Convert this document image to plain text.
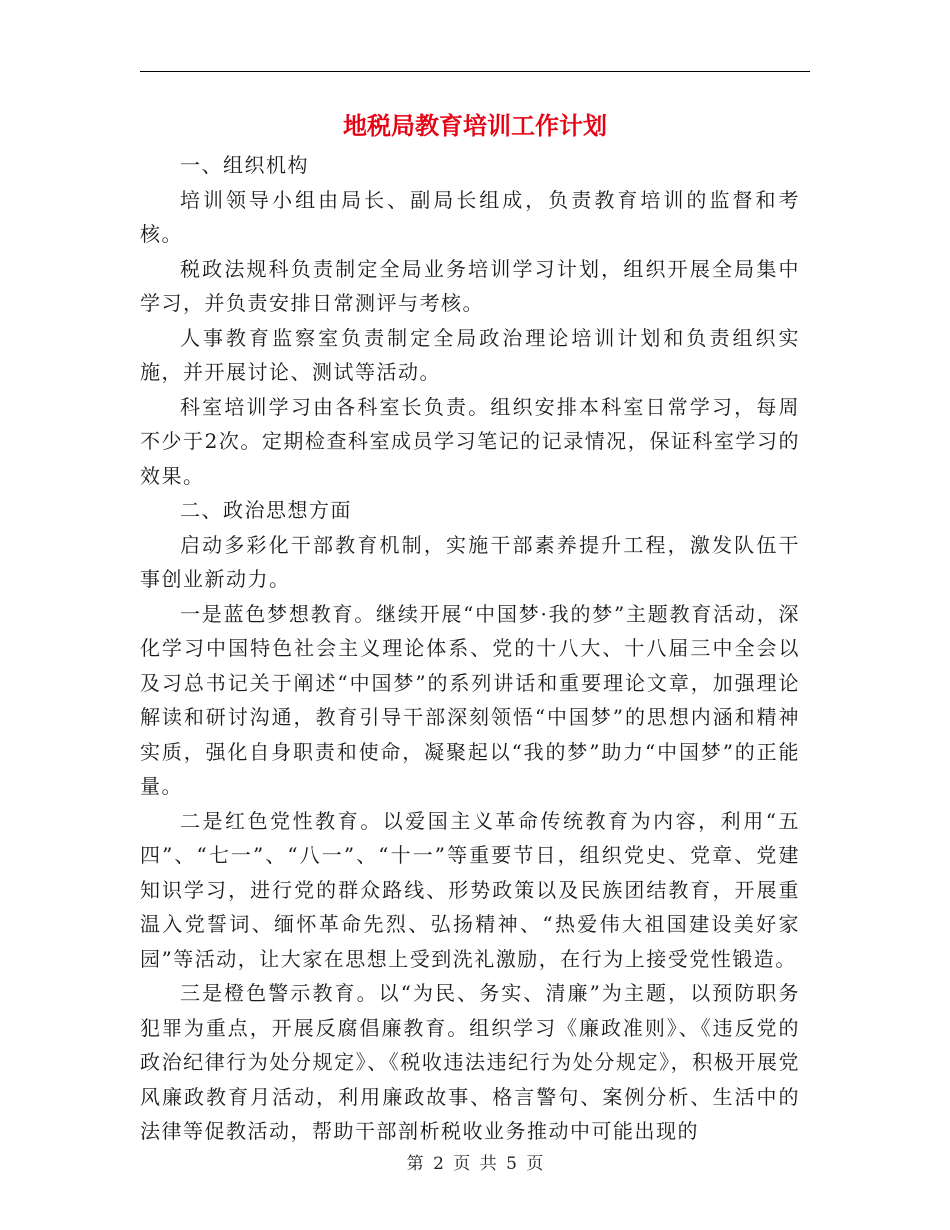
地税局教育培训工作计划

一、组织机构

培训领导小组由局长、副局长组成，负责教育培训的监督和考核。

税政法规科负责制定全局业务培训学习计划，组织开展全局集中学习，并负责安排日常测评与考核。

人事教育监察室负责制定全局政治理论培训计划和负责组织实施，并开展讨论、测试等活动。

科室培训学习由各科室长负责。组织安排本科室日常学习，每周不少于2次。定期检查科室成员学习笔记的记录情况，保证科室学习的效果。

二、政治思想方面

启动多彩化干部教育机制，实施干部素养提升工程，激发队伍干事创业新动力。

一是蓝色梦想教育。继续开展“中国梦·我的梦”主题教育活动，深化学习中国特色社会主义理论体系、党的十八大、十八届三中全会以及习总书记关于阐述“中国梦”的系列讲话和重要理论文章，加强理论解读和研讨沟通，教育引导干部深刻领悟“中国梦”的思想内涵和精神实质，强化自身职责和使命，凝聚起以“我的梦”助力“中国梦”的正能量。

二是红色党性教育。以爱国主义革命传统教育为内容，利用“五四”、“七一”、“八一”、“十一”等重要节日，组织党史、党章、党建知识学习，进行党的群众路线、形势政策以及民族团结教育，开展重温入党誓词、缅怀革命先烈、弘扬精神、“热爱伟大祖国建设美好家园”等活动，让大家在思想上受到洗礼激励，在行为上接受党性锻造。

三是橙色警示教育。以“为民、务实、清廉”为主题，以预防职务犯罪为重点，开展反腐倡廉教育。组织学习《廉政准则》、《违反党的政治纪律行为处分规定》、《税收违法违纪行为处分规定》，积极开展党风廉政教育月活动，利用廉政故事、格言警句、案例分析、生活中的法律等促教活动，帮助干部剖析税收业务推动中可能出现的

第 2 页 共 5 页
